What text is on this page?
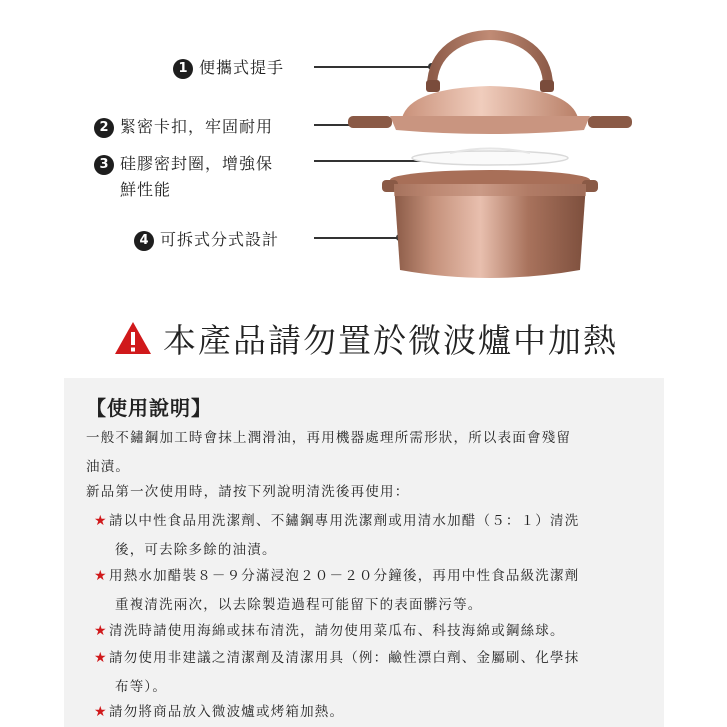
1 便攜式提手
2 緊密卡扣，牢固耐用
3 硅膠密封圈，增強保
鮮性能
4 可拆式分式設計
本產品請勿置於微波爐中加熱
【使用說明】
一般不鏽鋼加工時會抹上潤滑油，再用機器處理所需形狀，所以表面會殘留
油漬。
新品第一次使用時，請按下列說明清洗後再使用：
★ 請以中性食品用洗潔劑、不鏽鋼專用洗潔劑或用清水加醋（５：１）清洗
後，可去除多餘的油漬。
★ 用熱水加醋裝８－９分滿浸泡２０－２０分鐘後，再用中性食品級洗潔劑
重複清洗兩次，以去除製造過程可能留下的表面髒污等。
★ 清洗時請使用海綿或抹布清洗，請勿使用菜瓜布、科技海綿或鋼絲球。
★ 請勿使用非建議之清潔劑及清潔用具（例：鹼性漂白劑、金屬刷、化學抹
布等）。
★ 請勿將商品放入微波爐或烤箱加熱。
